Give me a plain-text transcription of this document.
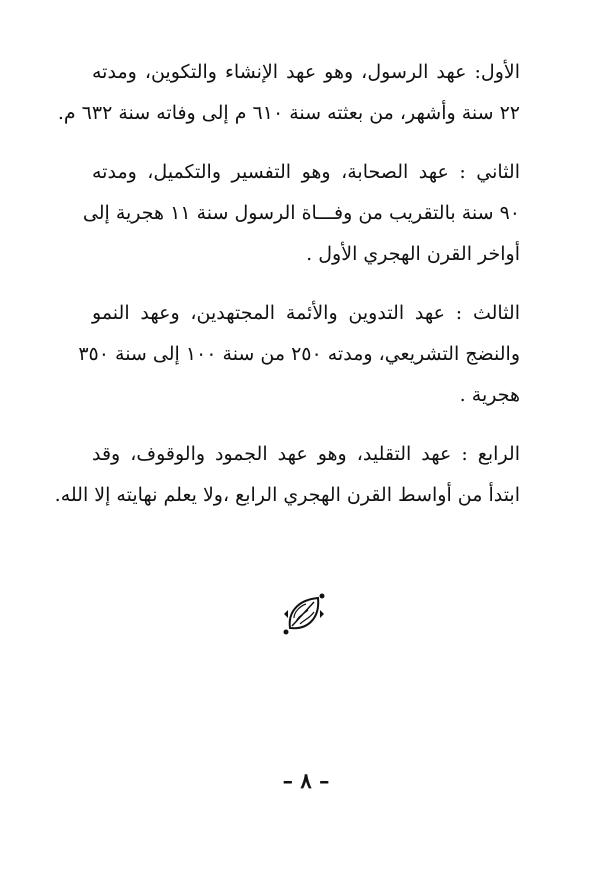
الأول: عهد الرسول، وهو عهد الإنشاء والتكوين، ومدته
٢٢ سنة وأشهر، من بعثته سنة ٦١٠ م إلى وفاته سنة ٦٣٢ م.

الثاني : عهد الصحابة، وهو التفسير والتكميل، ومدته
٩٠ سنة بالتقريب من وفـــاة الرسول سنة ١١ هجرية إلى
أواخر القرن الهجري الأول .

الثالث : عهد التدوين والأئمة المجتهدين، وعهد النمو
والنضج التشريعي، ومدته ٢٥٠ من سنة ١٠٠ إلى سنة ٣٥٠
هجرية .

الرابع : عهد التقليد، وهو عهد الجمود والوقوف، وقد
ابتدأ من أواسط القرن الهجري الرابع ،ولا يعلم نهايته إلا الله.

– ٨ –
